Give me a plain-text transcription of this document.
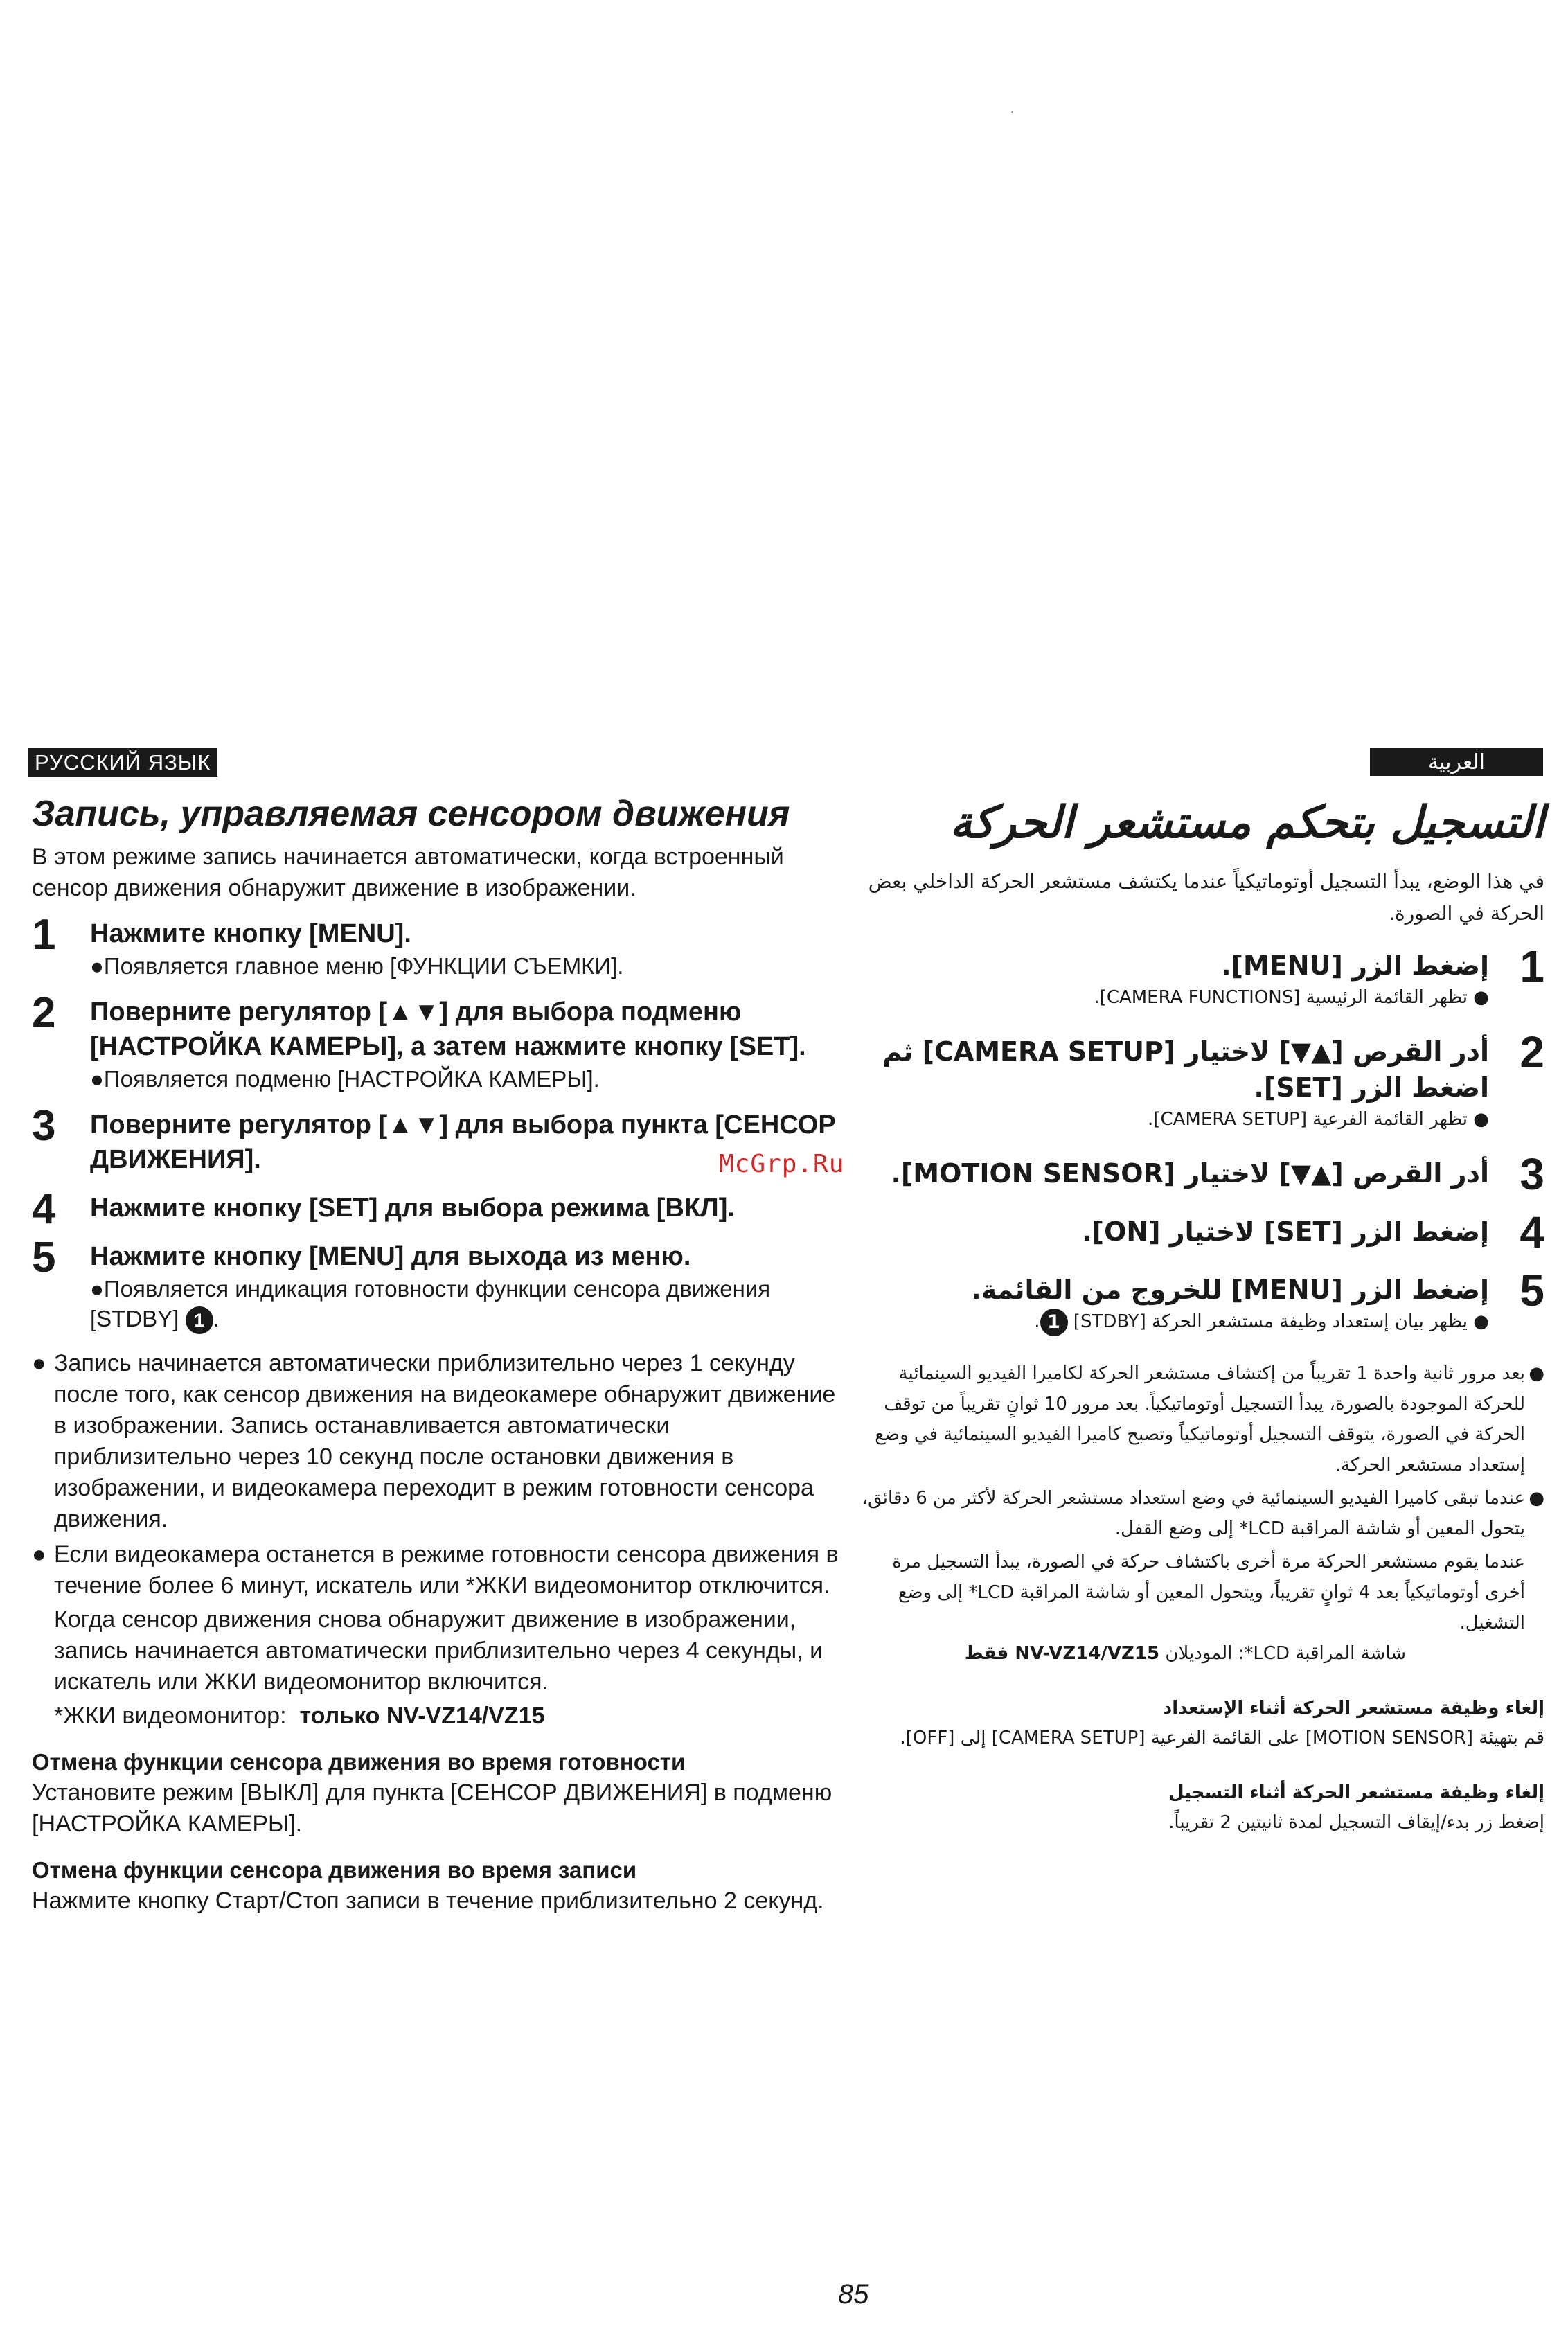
РУССКИЙ ЯЗЫК
Запись, управляемая сенсором движения
В этом режиме запись начинается автоматически, когда встроенный сенсор движения обнаружит движение в изображении.
1 Нажмите кнопку [MENU].
●Появляется главное меню [ФУНКЦИИ СЪЕМКИ].
2 Поверните регулятор [▲▼] для выбора подменю [НАСТРОЙКА КАМЕРЫ], а затем нажмите кнопку [SET].
●Появляется подменю [НАСТРОЙКА КАМЕРЫ].
3 Поверните регулятор [▲▼] для выбора пункта [СЕНСОР ДВИЖЕНИЯ].
4 Нажмите кнопку [SET] для выбора режима [ВКЛ].
5 Нажмите кнопку [MENU] для выхода из меню.
●Появляется индикация готовности функции сенсора движения [STDBY] 1 .
● Запись начинается автоматически приблизительно через 1 секунду после того, как сенсор движения на видеокамере обнаружит движение в изображении. Запись останавливается автоматически приблизительно через 10 секунд после остановки движения в изображении, и видеокамера переходит в режим готовности сенсора движения.
● Если видеокамера останется в режиме готовности сенсора движения в течение более 6 минут, искатель или *ЖКИ видеомонитор отключится.
Когда сенсор движения снова обнаружит движение в изображении, запись начинается автоматически приблизительно через 4 секунды, и искатель или ЖКИ видеомонитор включится.
*ЖКИ видеомонитор: только NV-VZ14/VZ15
Отмена функции сенсора движения во время готовности
Установите режим [ВЫКЛ] для пункта [СЕНСОР ДВИЖЕНИЯ] в подменю [НАСТРОЙКА КАМЕРЫ].
Отмена функции сенсора движения во время записи
Нажмите кнопку Старт/Стоп записи в течение приблизительно 2 секунд.
العربية
التسجيل بتحكم مستشعر الحركة
في هذا الوضع، يبدأ التسجيل أوتوماتيكياً عندما يكتشف مستشعر الحركة الداخلي بعض الحركة في الصورة.
1
إضغط الزر [MENU].
● تظهر القائمة الرئيسية [CAMERA FUNCTIONS].
2
أدر القرص [▲▼] لاختيار [CAMERA SETUP] ثم اضغط الزر [SET].
● تظهر القائمة الفرعية [CAMERA SETUP].
3
أدر القرص [▲▼] لاختيار [MOTION SENSOR].
4
إضغط الزر [SET] لاختيار [ON].
5
إضغط الزر [MENU] للخروج من القائمة.
● يظهر بيان إستعداد وظيفة مستشعر الحركة [STDBY] 1.
●
بعد مرور ثانية واحدة 1 تقريباً من إكتشاف مستشعر الحركة لكاميرا الفيديو السينمائية للحركة الموجودة بالصورة، يبدأ التسجيل أوتوماتيكياً. بعد مرور 10 ثوانٍ تقريباً من توقف الحركة في الصورة، يتوقف التسجيل أوتوماتيكياً وتصبح كاميرا الفيديو السينمائية في وضع إستعداد مستشعر الحركة.
●
عندما تبقى كاميرا الفيديو السينمائية في وضع استعداد مستشعر الحركة لأكثر من 6 دقائق، يتحول المعين أو شاشة المراقبة LCD* إلى وضع القفل.
عندما يقوم مستشعر الحركة مرة أخرى باكتشاف حركة في الصورة، يبدأ التسجيل مرة أخرى أوتوماتيكياً بعد 4 ثوانٍ تقريباً، ويتحول المعين أو شاشة المراقبة LCD* إلى وضع التشغيل.
شاشة المراقبة LCD*: الموديلان NV-VZ14/VZ15 فقط
إلغاء وظيفة مستشعر الحركة أثناء الإستعداد
قم بتهيئة [MOTION SENSOR] على القائمة الفرعية [CAMERA SETUP] إلى [OFF].
إلغاء وظيفة مستشعر الحركة أثناء التسجيل
إضغط زر بدء/إيقاف التسجيل لمدة ثانيتين 2 تقريباً.
McGrp.Ru
85
